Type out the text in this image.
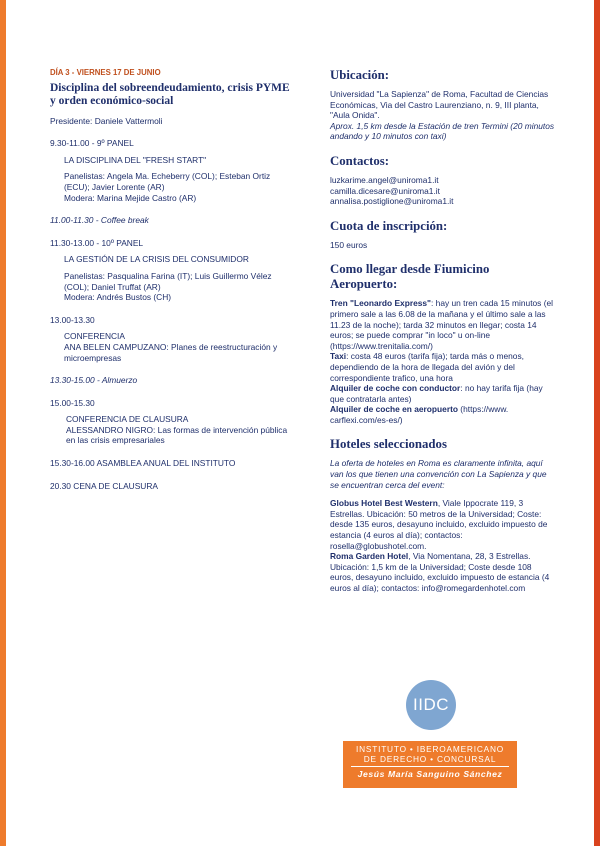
DÍA 3 - VIERNES 17 DE JUNIO
Disciplina del sobreendeudamiento, crisis PYME y orden económico-social

Presidente: Daniele Vattermoli

9.30-11.00 - 9º PANEL

LA DISCIPLINA DEL "FRESH START"

Panelistas: Angela Ma. Echeberry (COL); Esteban Ortiz (ECU); Javier Lorente (AR)

Modera: Marina Mejide Castro (AR)

11.00-11.30 - Coffee break

11.30-13.00 - 10º PANEL

LA GESTIÓN DE LA CRISIS DEL CONSUMIDOR

Panelistas: Pasqualina Farina (IT); Luis Guillermo Vélez (COL); Daniel Truffat (AR)

Modera: Andrés Bustos (CH)

13.00-13.30

CONFERENCIA

ANA BELEN CAMPUZANO: Planes de reestructuración y microempresas

13.30-15.00 - Almuerzo

15.00-15.30

CONFERENCIA DE CLAUSURA

ALESSANDRO NIGRO: Las formas de intervención pública en las crisis empresariales

15.30-16.00 ASAMBLEA ANUAL DEL INSTITUTO

20.30 CENA DE CLAUSURA

Ubicación:

Universidad "La Sapienza" de Roma, Facultad de Ciencias Económicas, Via del Castro Laurenziano, n. 9, III planta, "Aula Onida".

Aprox. 1,5 km desde la Estación de tren Termini (20 minutos andando y 10 minutos con taxi)

Contactos:

luzkarime.angel@uniroma1.it

camilla.dicesare@uniroma1.it

annalisa.postiglione@uniroma1.it

Cuota de inscripción:

150 euros

Como llegar desde Fiumicino Aeropuerto:

Tren "Leonardo Express": hay un tren cada 15 minutos (el primero sale a las 6.08 de la mañana y el último sale a las 11.23 de la noche); tarda 32 minutos en llegar; costa 14 euros; se puede comprar "in loco" u on-line (https://www.trenitalia.com/)

Taxi: costa 48 euros (tarifa fija); tarda más o menos, dependiendo de la hora de llegada del avión y del correspondiente trafico, una hora

Alquiler de coche con conductor: no hay tarifa fija (hay que contratarla antes)

Alquiler de coche en aeropuerto (https://www. carflexi.com/es-es/)

Hoteles seleccionados

La oferta de hoteles en Roma es claramente infinita, aquí van los que tienen una convención con La Sapienza y que se encuentran cerca del event:

Globus Hotel Best Western, Viale Ippocrate 119, 3 Estrellas. Ubicación: 50 metros de la Universidad; Coste: desde 135 euros, desayuno incluido, excluido impuesto de estancia (4 euros al día); contactos: rosella@globushotel.com.

Roma Garden Hotel, Via Nomentana, 28, 3 Estrellas. Ubicación: 1,5 km de la Universidad; Coste desde 108 euros, desayuno incluido, excluido impuesto de estancia (4 euros al día); contactos: info@romegardenhotel.com

IIDC
INSTITUTO • IBEROAMERICANO
DE DERECHO • CONCURSAL
Jesús María Sanguino Sánchez
